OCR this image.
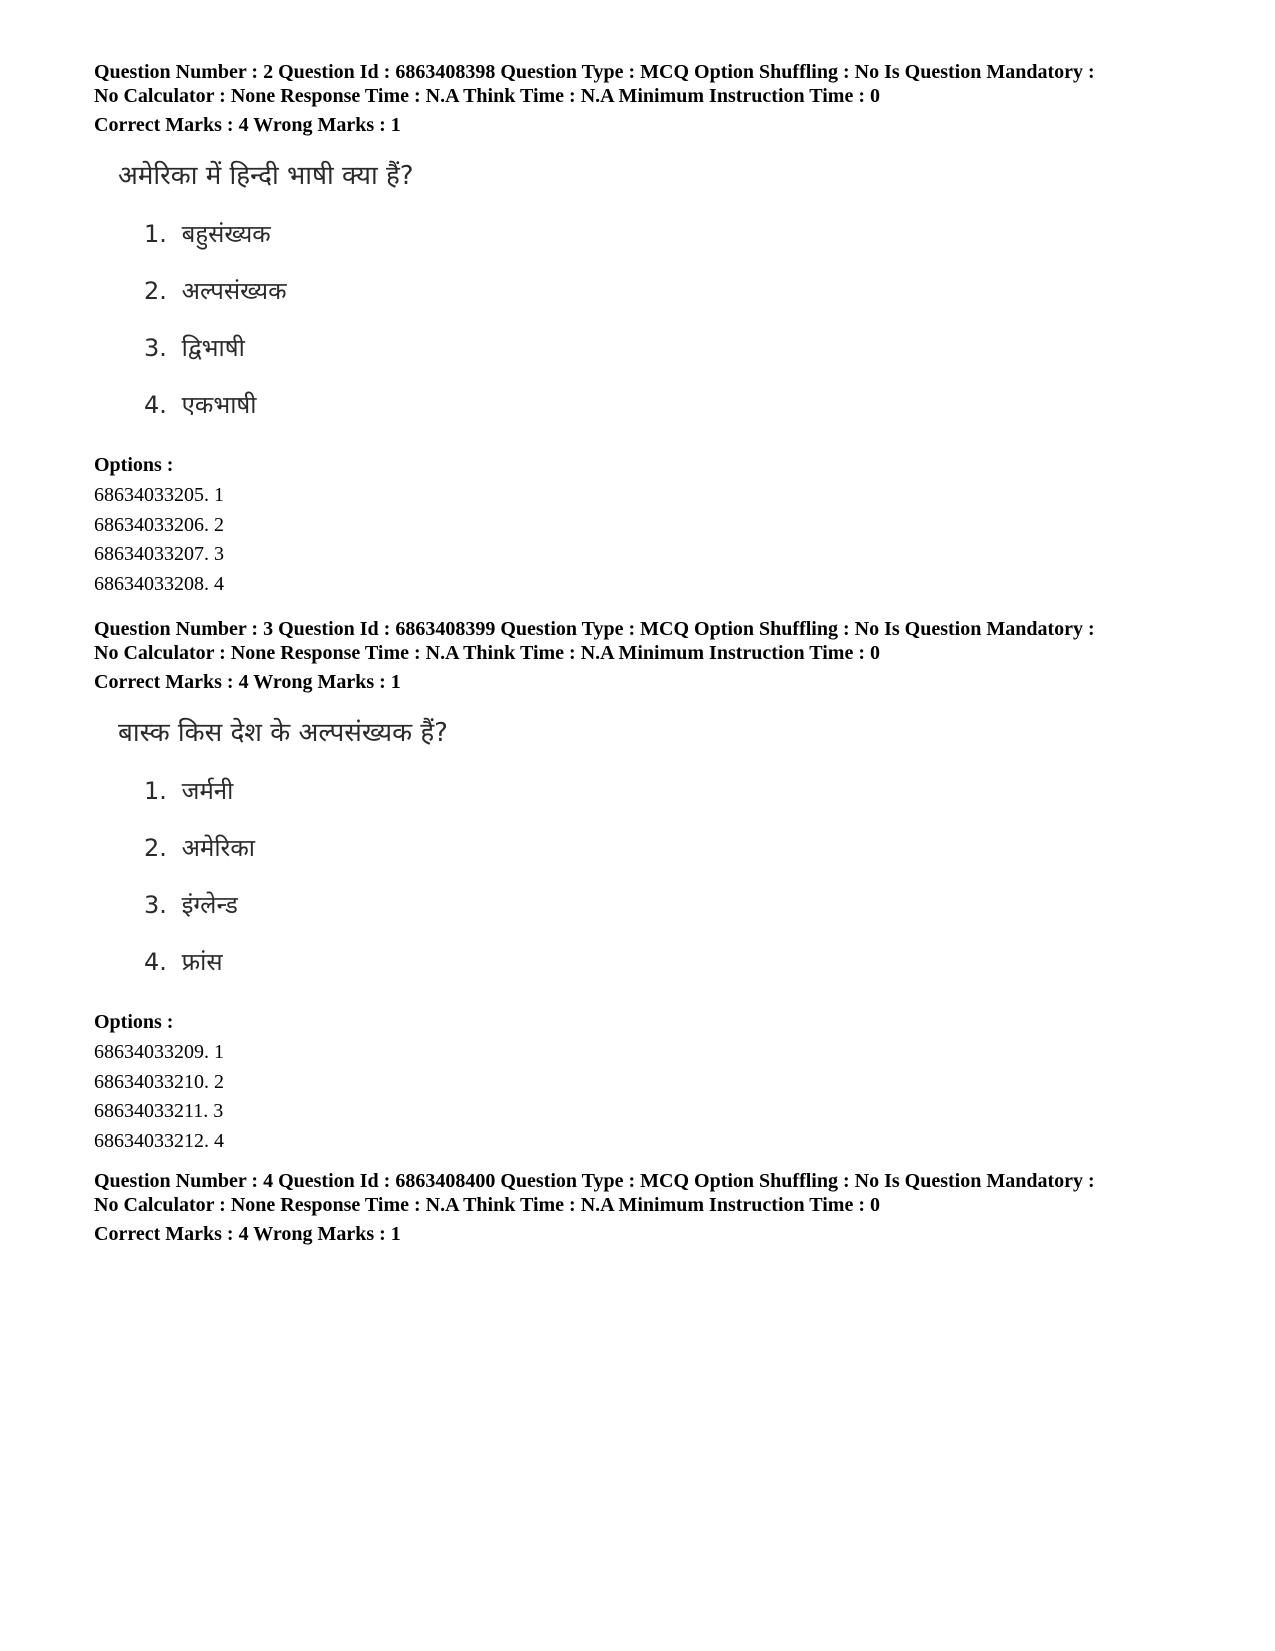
Question Number : 2 Question Id : 6863408398 Question Type : MCQ Option Shuffling : No Is Question Mandatory :
No Calculator : None Response Time : N.A Think Time : N.A Minimum Instruction Time : 0
Correct Marks : 4 Wrong Marks : 1
अमेरिका में हिन्दी भाषी क्या हैं?
1. बहुसंख्यक
2. अल्पसंख्यक
3. द्विभाषी
4. एकभाषी
Options :
68634033205. 1
68634033206. 2
68634033207. 3
68634033208. 4
Question Number : 3 Question Id : 6863408399 Question Type : MCQ Option Shuffling : No Is Question Mandatory :
No Calculator : None Response Time : N.A Think Time : N.A Minimum Instruction Time : 0
Correct Marks : 4 Wrong Marks : 1
बास्क किस देश के अल्पसंख्यक हैं?
1. जर्मनी
2. अमेरिका
3. इंग्लेन्ड
4. फ्रांस
Options :
68634033209. 1
68634033210. 2
68634033211. 3
68634033212. 4
Question Number : 4 Question Id : 6863408400 Question Type : MCQ Option Shuffling : No Is Question Mandatory :
No Calculator : None Response Time : N.A Think Time : N.A Minimum Instruction Time : 0
Correct Marks : 4 Wrong Marks : 1
